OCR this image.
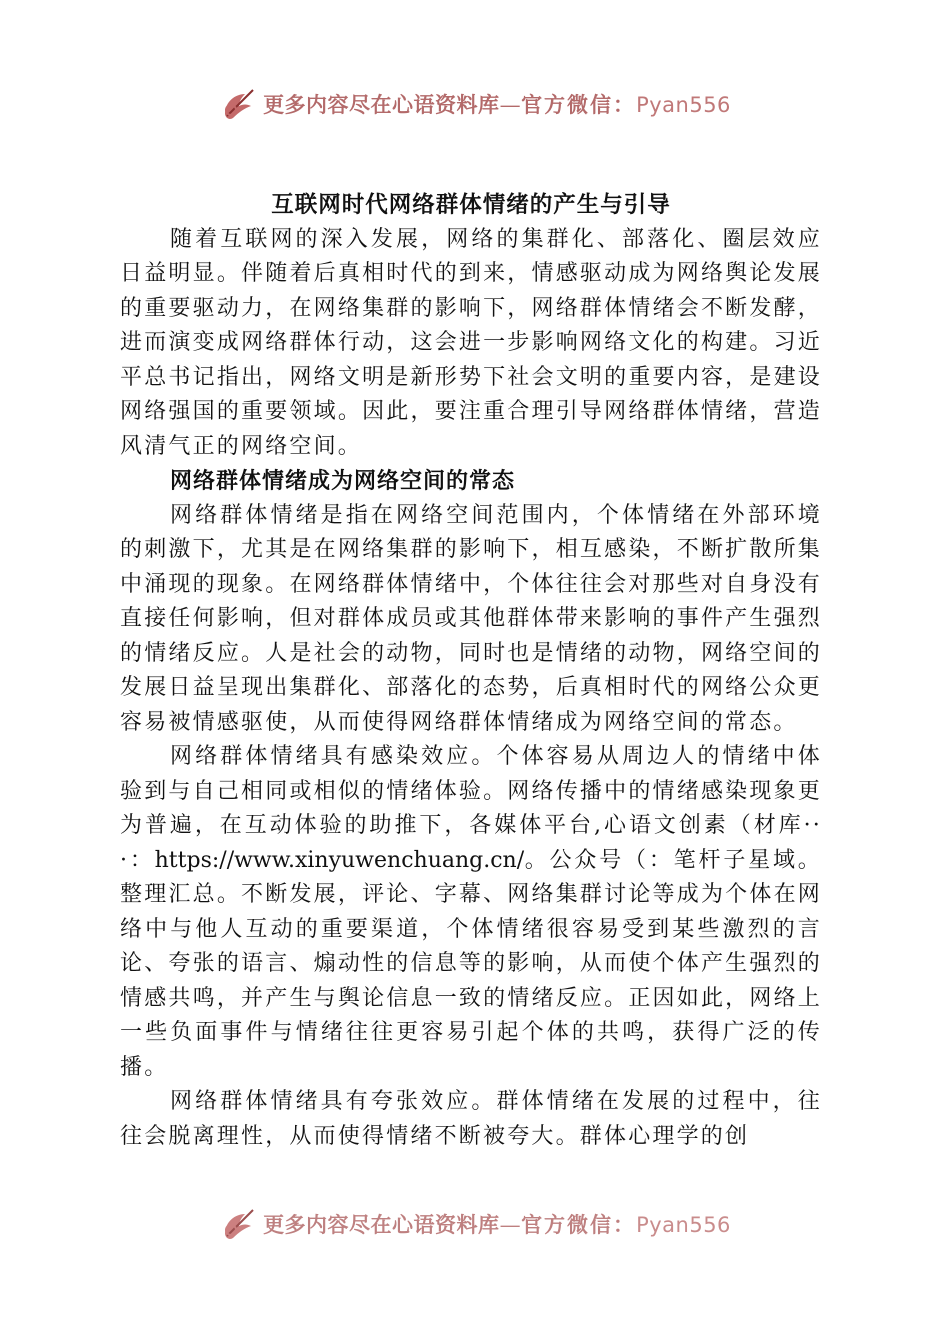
更多内容尽在心语资料库—官方微信：Pyan556
互联网时代网络群体情绪的产生与引导

随着互联网的深入发展，网络的集群化、部落化、圈层效应日益明显。伴随着后真相时代的到来，情感驱动成为网络舆论发展的重要驱动力，在网络集群的影响下，网络群体情绪会不断发酵，进而演变成网络群体行动，这会进一步影响网络文化的构建。习近平总书记指出，网络文明是新形势下社会文明的重要内容，是建设网络强国的重要领域。因此，要注重合理引导网络群体情绪，营造风清气正的网络空间。

网络群体情绪成为网络空间的常态

网络群体情绪是指在网络空间范围内，个体情绪在外部环境的刺激下，尤其是在网络集群的影响下，相互感染，不断扩散所集中涌现的现象。在网络群体情绪中，个体往往会对那些对自身没有直接任何影响，但对群体成员或其他群体带来影响的事件产生强烈的情绪反应。人是社会的动物，同时也是情绪的动物，网络空间的发展日益呈现出集群化、部落化的态势，后真相时代的网络公众更容易被情感驱使，从而使得网络群体情绪成为网络空间的常态。

网络群体情绪具有感染效应。个体容易从周边人的情绪中体验到与自己相同或相似的情绪体验。网络传播中的情绪感染现象更为普遍，在互动体验的助推下，各媒体平台,心语文创素（材库···：https://www.xinyuwenchuang.cn/。公众号（：笔杆子星域。整理汇总。不断发展，评论、字幕、网络集群讨论等成为个体在网络中与他人互动的重要渠道，个体情绪很容易受到某些激烈的言论、夸张的语言、煽动性的信息等的影响，从而使个体产生强烈的情感共鸣，并产生与舆论信息一致的情绪反应。正因如此，网络上一些负面事件与情绪往往更容易引起个体的共鸣，获得广泛的传播。

网络群体情绪具有夸张效应。群体情绪在发展的过程中，往往会脱离理性，从而使得情绪不断被夸大。群体心理学的创

更多内容尽在心语资料库—官方微信：Pyan556
